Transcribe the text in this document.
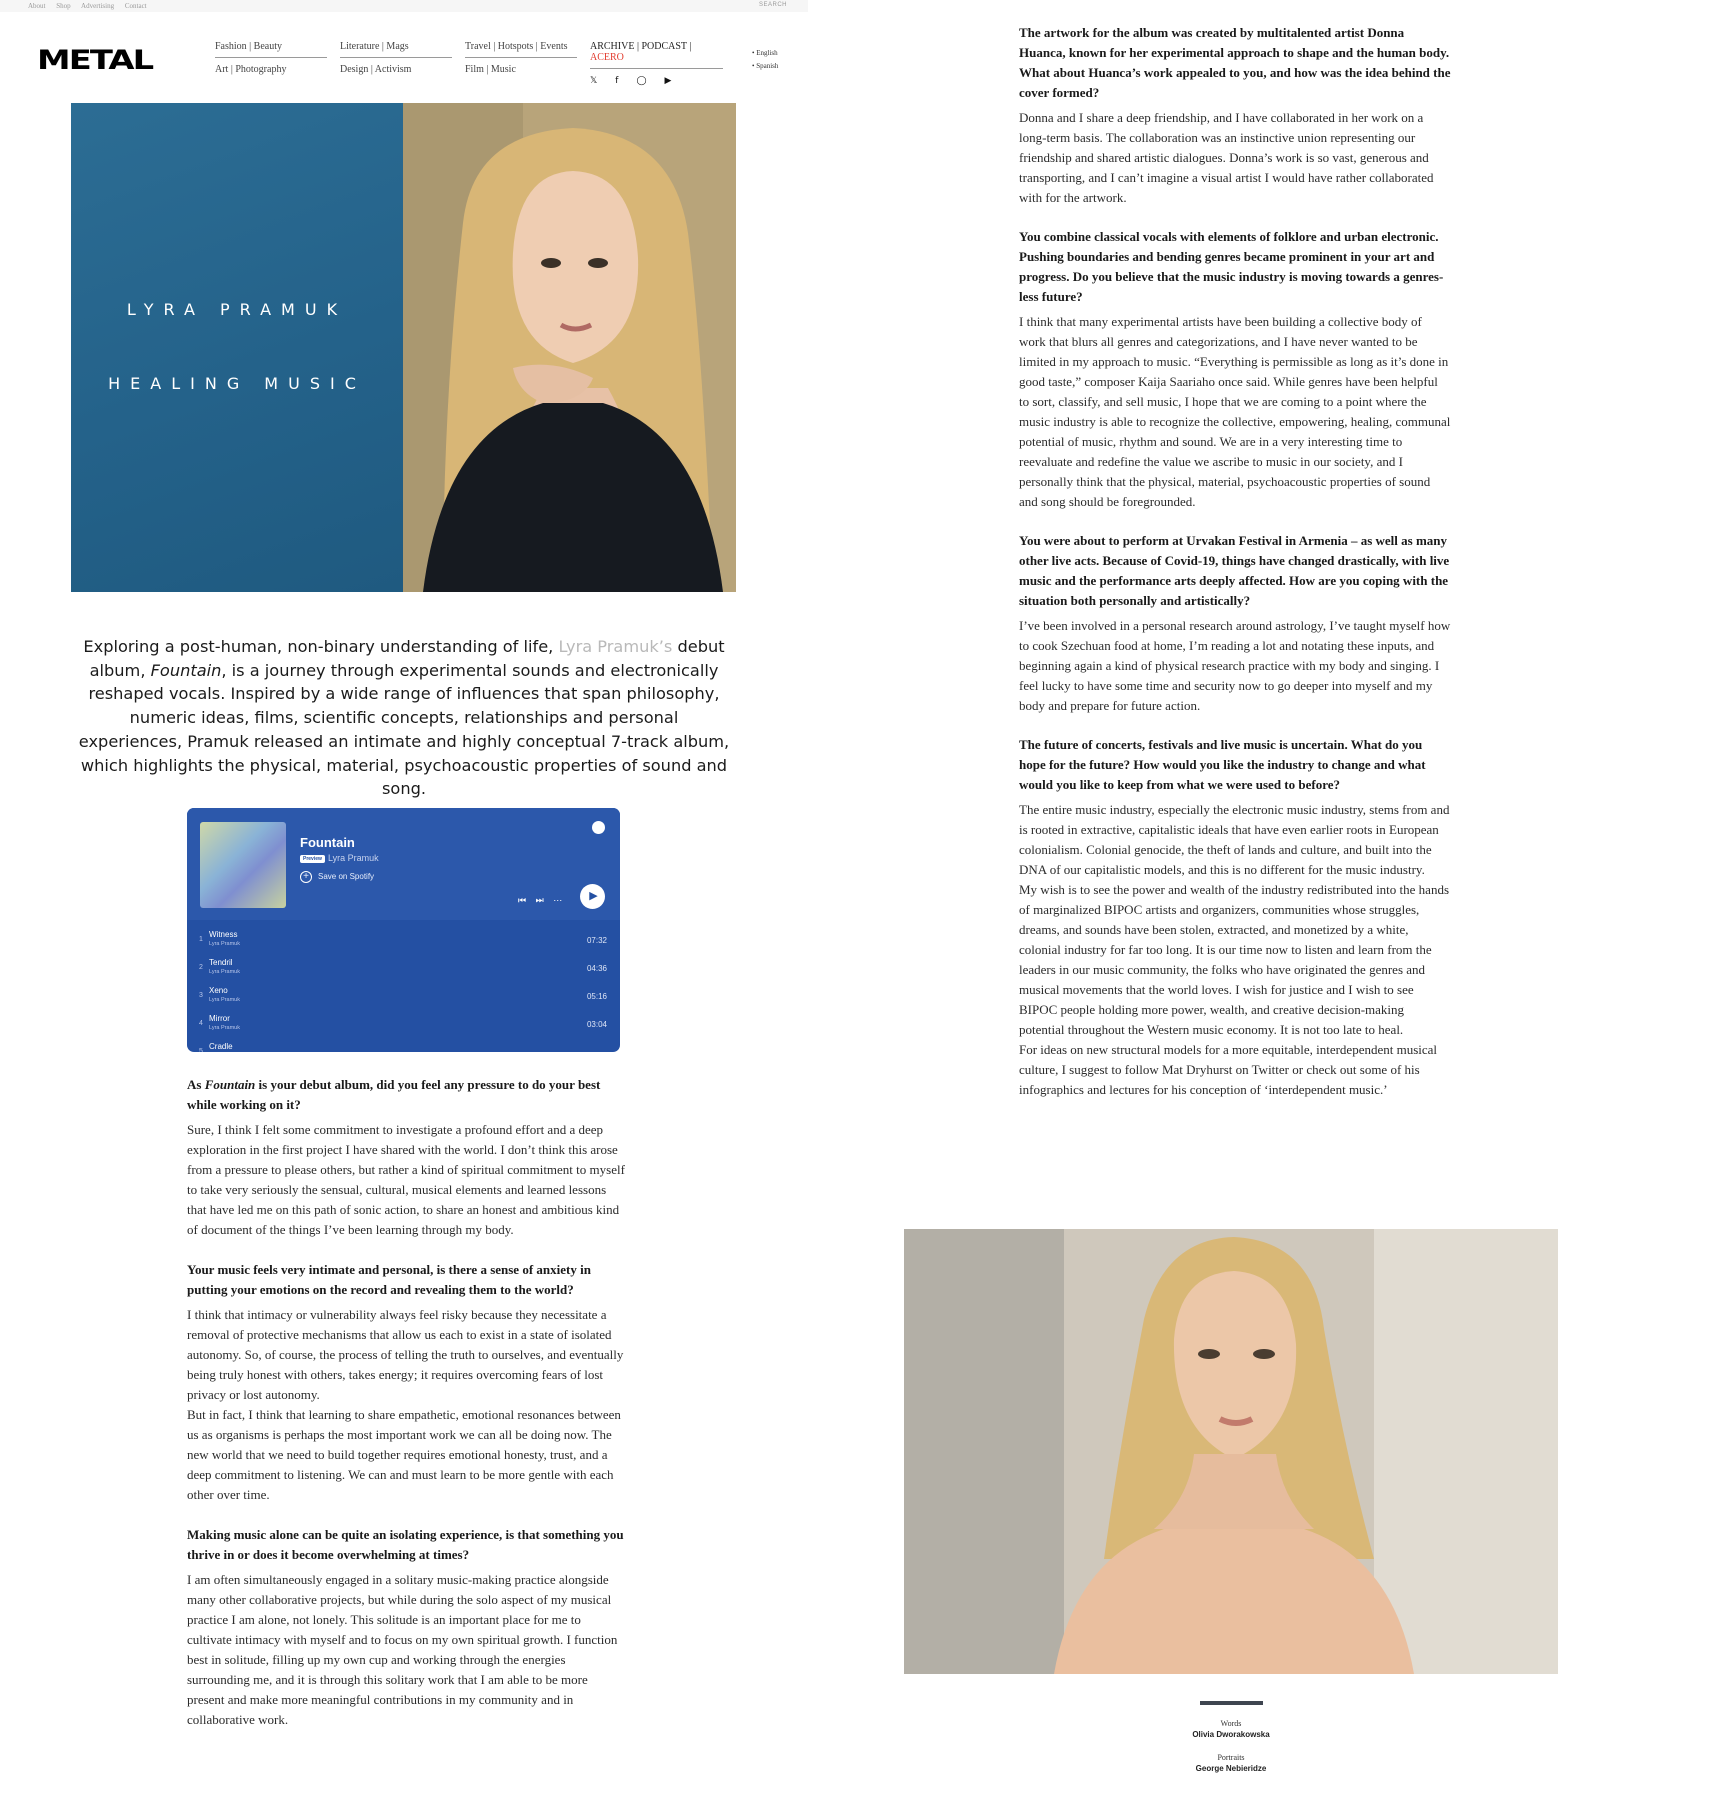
About Shop Advertising Contact	SEARCH
METAL	Fashion | Beauty
Art | Photography
Literature | Mags
Design | Activism
Travel | Hotspots | Events
Film | Music
ARCHIVE | PODCAST | ACERO
𝕏 f ◯ ▶
• English
• Spanish
LYRA PRAMUK
HEALING MUSIC
Exploring a post-human, non-binary understanding of life, Lyra Pramuk’s debut album, Fountain, is a journey through experimental sounds and electronically reshaped vocals. Inspired by a wide range of influences that span philosophy, numeric ideas, films, scientific concepts, relationships and personal experiences, Pramuk released an intimate and highly conceptual 7-track album, which highlights the physical, material, psychoacoustic properties of sound and song.
Fountain
Preview Lyra Pramuk
+ Save on Spotify
⏮ ⏭ ⋯	▶
1
Witness
Lyra Pramuk	07:32
2
Tendril
Lyra Pramuk	04:36
3
Xeno
Lyra Pramuk	05:16
4
Mirror
Lyra Pramuk	03:04
5
Cradle
As Fountain is your debut album, did you feel any pressure to do your best while working on it?
Sure, I think I felt some commitment to investigate a profound effort and a deep exploration in the first project I have shared with the world. I don’t think this arose from a pressure to please others, but rather a kind of spiritual commitment to myself to take very seriously the sensual, cultural, musical elements and learned lessons that have led me on this path of sonic action, to share an honest and ambitious kind of document of the things I’ve been learning through my body.
Your music feels very intimate and personal, is there a sense of anxiety in putting your emotions on the record and revealing them to the world?
I think that intimacy or vulnerability always feel risky because they necessitate a removal of protective mechanisms that allow us each to exist in a state of isolated autonomy. So, of course, the process of telling the truth to ourselves, and eventually being truly honest with others, takes energy; it requires overcoming fears of lost privacy or lost autonomy.
But in fact, I think that learning to share empathetic, emotional resonances between us as organisms is perhaps the most important work we can all be doing now. The new world that we need to build together requires emotional honesty, trust, and a deep commitment to listening. We can and must learn to be more gentle with each other over time.
Making music alone can be quite an isolating experience, is that something you thrive in or does it become overwhelming at times?
I am often simultaneously engaged in a solitary music-making practice alongside many other collaborative projects, but while during the solo aspect of my musical practice I am alone, not lonely. This solitude is an important place for me to cultivate intimacy with myself and to focus on my own spiritual growth. I function best in solitude, filling up my own cup and working through the energies surrounding me, and it is through this solitary work that I am able to be more present and make more meaningful contributions in my community and in collaborative work.
The artwork for the album was created by multitalented artist Donna Huanca, known for her experimental approach to shape and the human body. What about Huanca’s work appealed to you, and how was the idea behind the cover formed?
Donna and I share a deep friendship, and I have collaborated in her work on a long-term basis. The collaboration was an instinctive union representing our friendship and shared artistic dialogues. Donna’s work is so vast, generous and transporting, and I can’t imagine a visual artist I would have rather collaborated with for the artwork.
You combine classical vocals with elements of folklore and urban electronic. Pushing boundaries and bending genres became prominent in your art and progress. Do you believe that the music industry is moving towards a genres-less future?
I think that many experimental artists have been building a collective body of work that blurs all genres and categorizations, and I have never wanted to be limited in my approach to music. “Everything is permissible as long as it’s done in good taste,” composer Kaija Saariaho once said. While genres have been helpful to sort, classify, and sell music, I hope that we are coming to a point where the music industry is able to recognize the collective, empowering, healing, communal potential of music, rhythm and sound. We are in a very interesting time to reevaluate and redefine the value we ascribe to music in our society, and I personally think that the physical, material, psychoacoustic properties of sound and song should be foregrounded.
You were about to perform at Urvakan Festival in Armenia – as well as many other live acts. Because of Covid-19, things have changed drastically, with live music and the performance arts deeply affected. How are you coping with the situation both personally and artistically?
I’ve been involved in a personal research around astrology, I’ve taught myself how to cook Szechuan food at home, I’m reading a lot and notating these inputs, and beginning again a kind of physical research practice with my body and singing. I feel lucky to have some time and security now to go deeper into myself and my body and prepare for future action.
The future of concerts, festivals and live music is uncertain. What do you hope for the future? How would you like the industry to change and what would you like to keep from what we were used to before?
The entire music industry, especially the electronic music industry, stems from and is rooted in extractive, capitalistic ideals that have even earlier roots in European colonialism. Colonial genocide, the theft of lands and culture, and built into the DNA of our capitalistic models, and this is no different for the music industry.
My wish is to see the power and wealth of the industry redistributed into the hands of marginalized BIPOC artists and organizers, communities whose struggles, dreams, and sounds have been stolen, extracted, and monetized by a white, colonial industry for far too long. It is our time now to listen and learn from the leaders in our music community, the folks who have originated the genres and musical movements that the world loves. I wish for justice and I wish to see BIPOC people holding more power, wealth, and creative decision-making potential throughout the Western music economy. It is not too late to heal.
For ideas on new structural models for a more equitable, interdependent musical culture, I suggest to follow Mat Dryhurst on Twitter or check out some of his infographics and lectures for his conception of ‘interdependent music.’
Words
Olivia Dworakowska
Portraits
George Nebieridze
